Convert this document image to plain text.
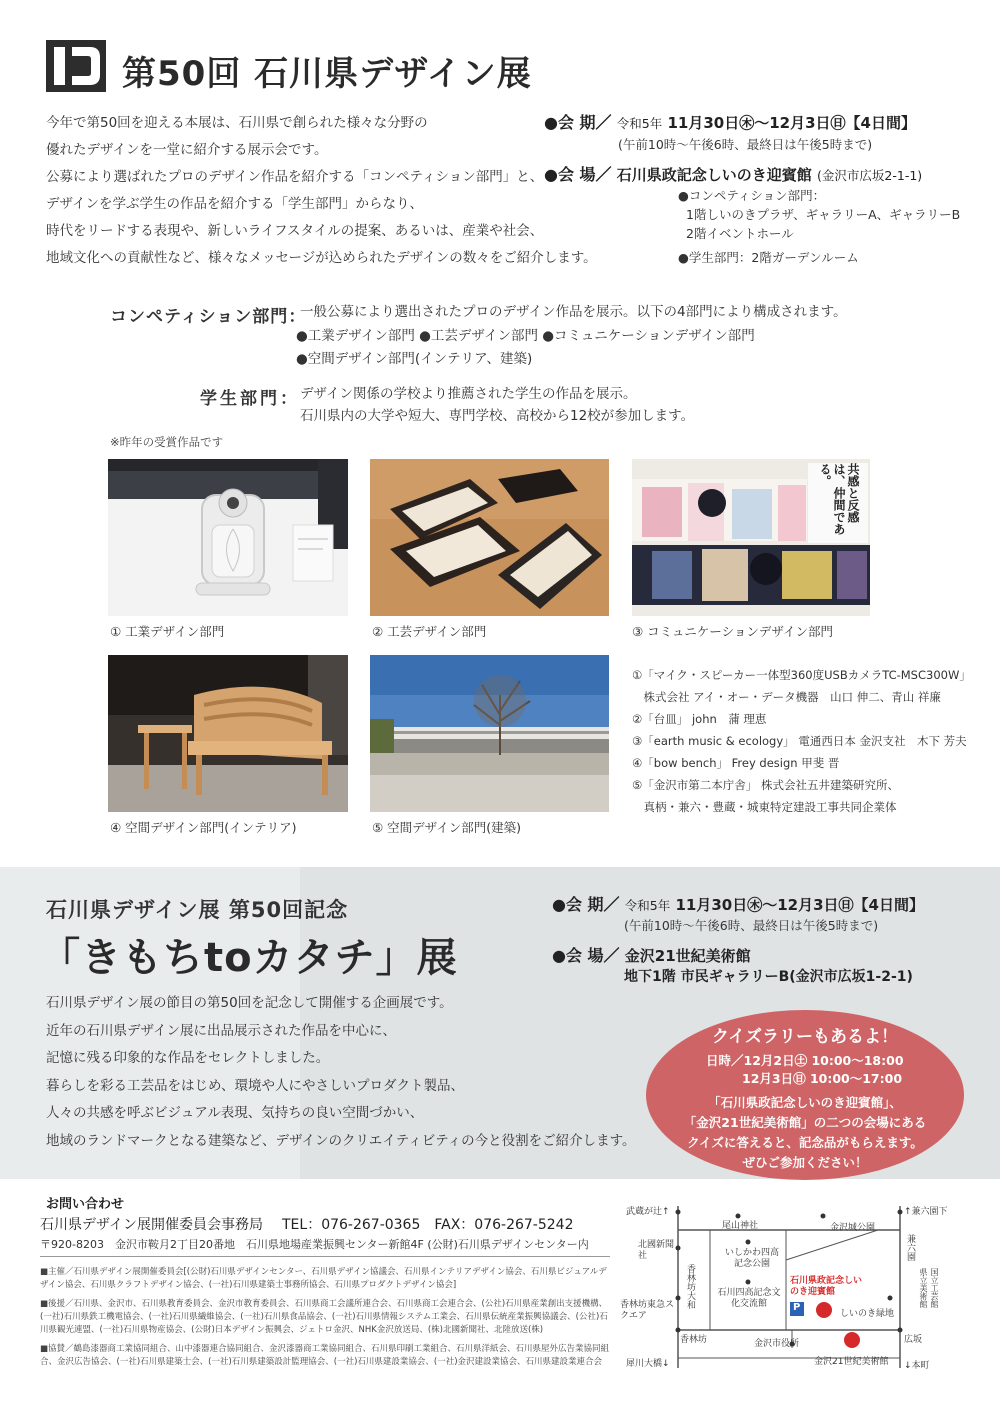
第50回 石川県デザイン展
今年で第50回を迎える本展は、石川県で創られた様々な分野の
優れたデザインを一堂に紹介する展示会です。
公募により選ばれたプロのデザイン作品を紹介する「コンペティション部門」と、
デザインを学ぶ学生の作品を紹介する「学生部門」からなり、
時代をリードする表現や、新しいライフスタイルの提案、あるいは、産業や社会、
地域文化への貢献性など、様々なメッセージが込められたデザインの数々をご紹介します。
●会 期／ 令和5年 11月30日㊍～12月3日㊐【4日間】
(午前10時～午後6時、最終日は午後5時まで)
●会 場／ 石川県政記念しいのき迎賓館 (金沢市広坂2-1-1)
●コンペティション部門：
1階しいのきプラザ、ギャラリーA、ギャラリーB
2階イベントホール
●学生部門：2階ガーデンルーム
コンペティション部門：
一般公募により選出されたプロのデザイン作品を展示。以下の4部門により構成されます。
●工業デザイン部門 ●工芸デザイン部門 ●コミュニケーションデザイン部門
●空間デザイン部門(インテリア、建築)
学生部門： デザイン関係の学校より推薦された学生の作品を展示。
石川県内の大学や短大、専門学校、高校から12校が参加します。
※昨年の受賞作品です
共感と反感は、仲間である。
① 工業デザイン部門	② 工芸デザイン部門	③ コミュニケーションデザイン部門
④ 空間デザイン部門(インテリア)	⑤ 空間デザイン部門(建築)
①「マイク・スピーカー一体型360度USBカメラTC-MSC300W」
　株式会社 アイ・オー・データ機器　山口 伸二、青山 祥廉
②「台皿」 john　蒲 理恵
③「earth music & ecology」 電通西日本 金沢支社　木下 芳夫
④「bow bench」 Frey design 甲斐 晋
⑤「金沢市第二本庁舎」 株式会社五井建築研究所、
　真柄・兼六・豊蔵・城東特定建設工事共同企業体
石川県デザイン展 第50回記念
「きもちtoカタチ」展
●会 期／ 令和5年 11月30日㊍～12月3日㊐【4日間】
(午前10時～午後6時、最終日は午後5時まで)
●会 場／ 金沢21世紀美術館
地下1階 市民ギャラリーB(金沢市広坂1-2-1)
石川県デザイン展の節目の第50回を記念して開催する企画展です。
近年の石川県デザイン展に出品展示された作品を中心に、
記憶に残る印象的な作品をセレクトしました。
暮らしを彩る工芸品をはじめ、環境や人にやさしいプロダクト製品、
人々の共感を呼ぶビジュアル表現、気持ちの良い空間づかい、
地域のランドマークとなる建築など、デザインのクリエイティビティの今と役割をご紹介します。
クイズラリーもあるよ！
日時／12月2日㊏ 10:00～18:00
12月3日㊐ 10:00～17:00
「石川県政記念しいのき迎賓館」、
「金沢21世紀美術館」の二つの会場にある
クイズに答えると、記念品がもらえます。
ぜひご参加ください！
お問い合わせ
石川県デザイン展開催委員会事務局 TEL：076-267-0365　FAX：076-267-5242
〒920-8203　金沢市鞍月2丁目20番地　石川県地場産業振興センター新館4F (公財)石川県デザインセンター内
■主催／石川県デザイン展開催委員会[(公財)石川県デザインセンター、石川県デザイン協議会、石川県インテリアデザイン協会、石川県ビジュアルデザイン協会、石川県クラフトデザイン協会、(一社)石川県建築士事務所協会、石川県プロダクトデザイン協会]
■後援／石川県、金沢市、石川県教育委員会、金沢市教育委員会、石川県商工会議所連合会、石川県商工会連合会、(公社)石川県産業創出支援機構、(一社)石川県鉄工機電協会、(一社)石川県繊維協会、(一社)石川県食品協会、(一社)石川県情報システム工業会、石川県伝統産業振興協議会、(公社)石川県観光連盟、(一社)石川県物産協会、(公財)日本デザイン振興会、ジェトロ金沢、NHK金沢放送局、(株)北國新聞社、北陸放送(株)
■協賛／鶴島漆器商工業協同組合、山中漆器連合協同組合、金沢漆器商工業協同組合、石川県印刷工業組合、石川県洋紙会、石川県屋外広告業協同組合、金沢広告協会、(一社)石川県建築士会、(一社)石川県建築設計監理協会、(一社)石川県建設業協会、(一社)金沢建設業協会、石川県建設業連合会
武蔵が辻↑
尾山神社	金沢城公園
↑兼六園下
北國新聞社	いしかわ四高記念公園
兼六園
香林坊大和	国立工芸館 県立美術館
香林坊東急スクエア
石川四高記念文化交流館
石川県政記念しいのき迎賓館
しいのき緑地
P
香林坊	金沢市役所	広坂
犀川大橋↓	金沢21世紀美術館 ↓本町
